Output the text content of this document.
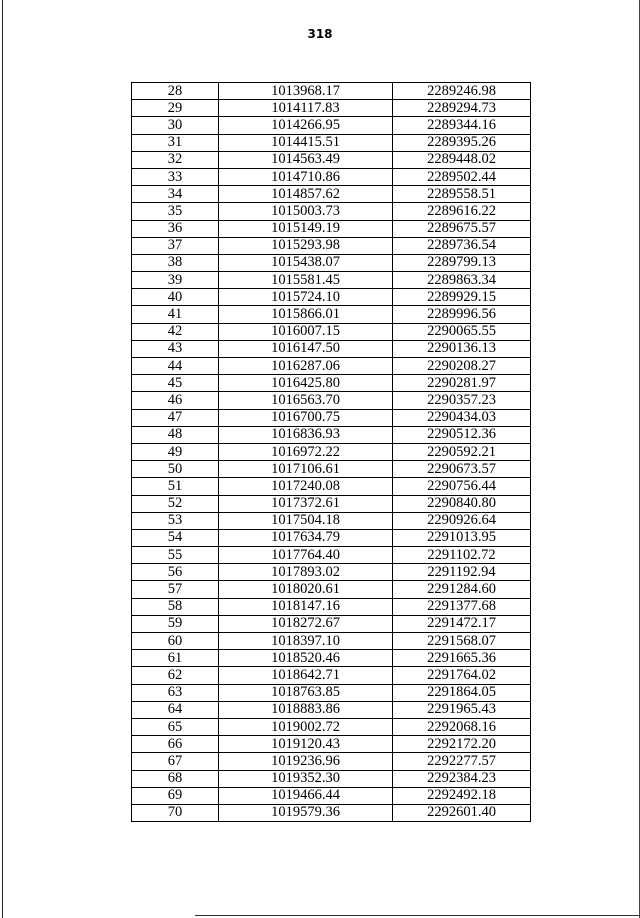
318
28	1013968.17	2289246.98
29	1014117.83	2289294.73
30	1014266.95	2289344.16
31	1014415.51	2289395.26
32	1014563.49	2289448.02
33	1014710.86	2289502.44
34	1014857.62	2289558.51
35	1015003.73	2289616.22
36	1015149.19	2289675.57
37	1015293.98	2289736.54
38	1015438.07	2289799.13
39	1015581.45	2289863.34
40	1015724.10	2289929.15
41	1015866.01	2289996.56
42	1016007.15	2290065.55
43	1016147.50	2290136.13
44	1016287.06	2290208.27
45	1016425.80	2290281.97
46	1016563.70	2290357.23
47	1016700.75	2290434.03
48	1016836.93	2290512.36
49	1016972.22	2290592.21
50	1017106.61	2290673.57
51	1017240.08	2290756.44
52	1017372.61	2290840.80
53	1017504.18	2290926.64
54	1017634.79	2291013.95
55	1017764.40	2291102.72
56	1017893.02	2291192.94
57	1018020.61	2291284.60
58	1018147.16	2291377.68
59	1018272.67	2291472.17
60	1018397.10	2291568.07
61	1018520.46	2291665.36
62	1018642.71	2291764.02
63	1018763.85	2291864.05
64	1018883.86	2291965.43
65	1019002.72	2292068.16
66	1019120.43	2292172.20
67	1019236.96	2292277.57
68	1019352.30	2292384.23
69	1019466.44	2292492.18
70	1019579.36	2292601.40
